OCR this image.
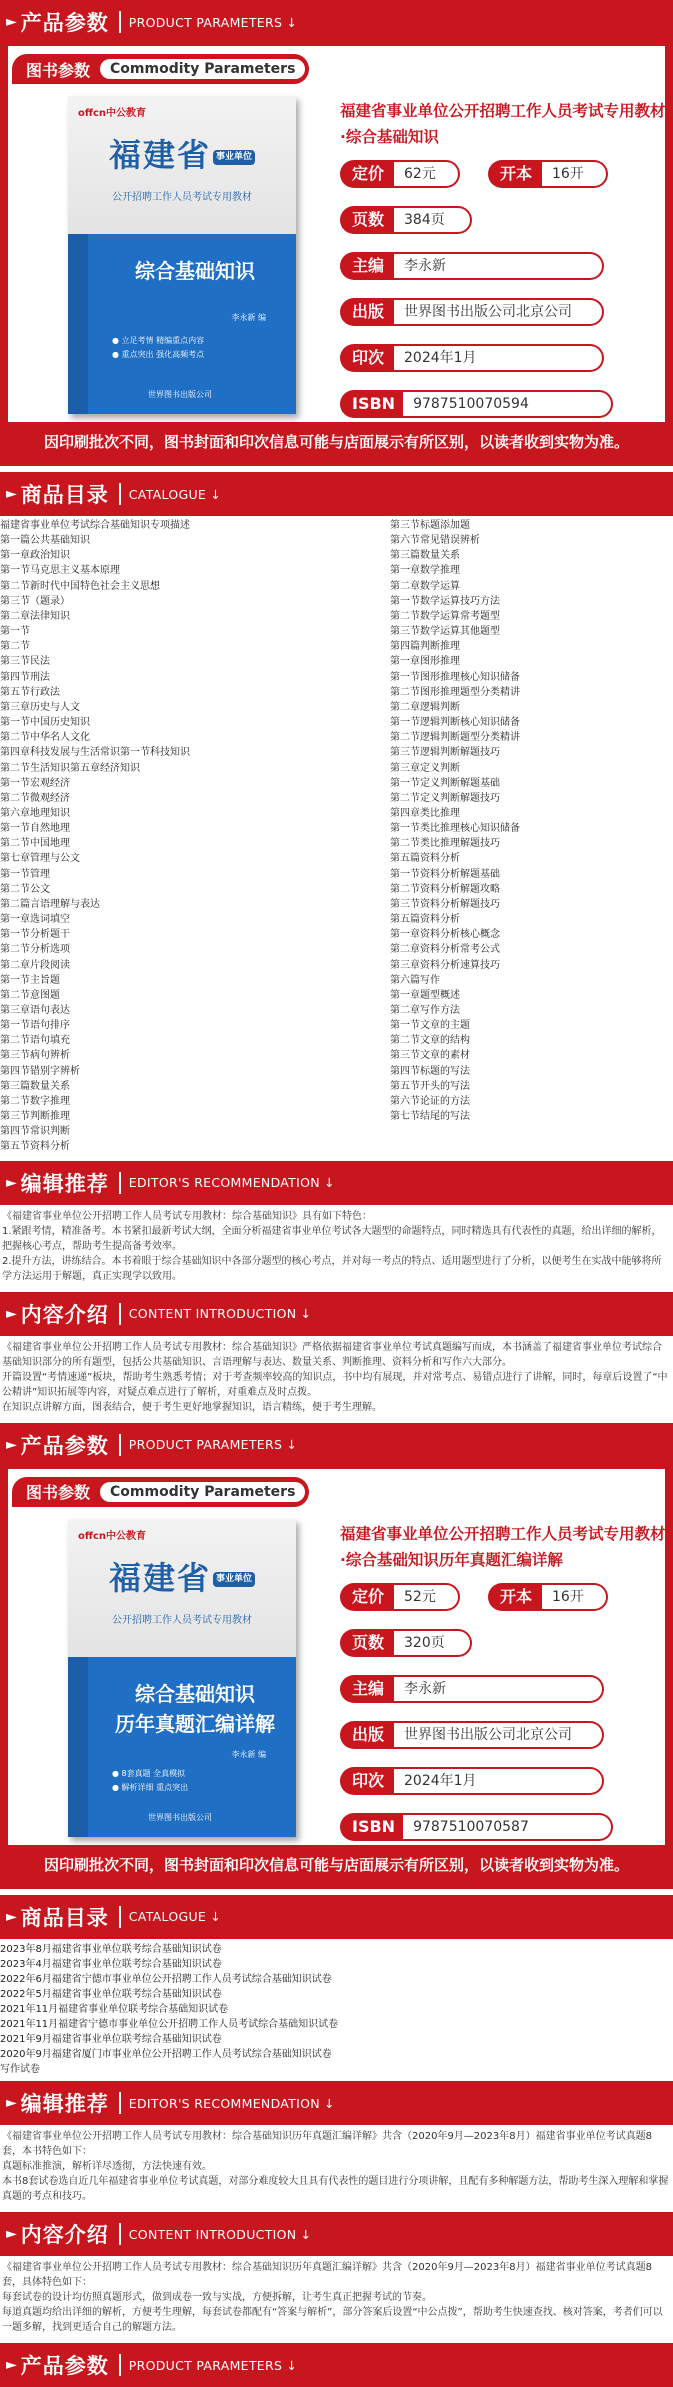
► 产品参数 PRODUCT PARAMETERS ↓
图书参数	Commodity Parameters
offcn中公教育
福建省 事业单位
公开招聘工作人员考试专用教材
综合基础知识
李永新 编
● 立足考情 精编重点内容
● 重点突出 强化高频考点
世界图书出版公司
福建省事业单位公开招聘工作人员考试专用教材·综合基础知识
定价	62元	开本	16开
页数	384页
主编	李永新
出版	世界图书出版公司北京公司
印次	2024年1月
ISBN	9787510070594
因印刷批次不同，图书封面和印次信息可能与店面展示有所区别，以读者收到实物为准。
► 商品目录 CATALOGUE ↓
福建省事业单位考试综合基础知识专项描述
第一篇公共基础知识
第一章政治知识
第一节马克思主义基本原理
第二节新时代中国特色社会主义思想
第三节（题录）
第二章法律知识
第一节
第二节
第三节民法
第四节刑法
第五节行政法
第三章历史与人文
第一节中国历史知识
第二节中华名人文化
第四章科技发展与生活常识第一节科技知识
第二节生活知识第五章经济知识
第一节宏观经济
第二节微观经济
第六章地理知识
第一节自然地理
第二节中国地理
第七章管理与公文
第一节管理
第二节公文
第二篇言语理解与表达
第一章选词填空
第一节分析题干
第二节分析选项
第二章片段阅读
第一节主旨题
第二节意图题
第三章语句表达
第一节语句排序
第二节语句填充
第三节病句辨析
第四节错别字辨析
第三篇数量关系
第二节数字推理
第三节判断推理
第四节常识判断
第五节资料分析
第三节标题添加题
第六节常见错误辨析
第三篇数量关系
第一章数学推理
第二章数学运算
第一节数学运算技巧方法
第二节数学运算常考题型
第三节数学运算其他题型
第四篇判断推理
第一章图形推理
第一节图形推理核心知识储备
第二节图形推理题型分类精讲
第二章逻辑判断
第一节逻辑判断核心知识储备
第二节逻辑判断题型分类精讲
第三节逻辑判断解题技巧
第三章定义判断
第一节定义判断解题基础
第二节定义判断解题技巧
第四章类比推理
第一节类比推理核心知识储备
第二节类比推理解题技巧
第五篇资料分析
第一节资料分析解题基础
第二节资料分析解题攻略
第三节资料分析解题技巧
第五篇资料分析
第一章资料分析核心概念
第二章资料分析常考公式
第三章资料分析速算技巧
第六篇写作
第一章题型概述
第二章写作方法
第一节文章的主题
第二节文章的结构
第三节文章的素材
第四节标题的写法
第五节开头的写法
第六节论证的方法
第七节结尾的写法
► 编辑推荐 EDITOR'S RECOMMENDATION ↓

《福建省事业单位公开招聘工作人员考试专用教材：综合基础知识》具有如下特色：

1.紧跟考情，精准备考。本书紧扣最新考试大纲，全面分析福建省事业单位考试各大题型的命题特点，同时精选具有代表性的真题，给出详细的解析，把握核心考点，帮助考生提高备考效率。

2.提升方法，讲练结合。本书着眼于综合基础知识中各部分题型的核心考点，并对每一考点的特点、适用题型进行了分析，以便考生在实战中能够将所学方法运用于解题，真正实现学以致用。

► 内容介绍 CONTENT INTRODUCTION ↓

《福建省事业单位公开招聘工作人员考试专用教材：综合基础知识》严格依据福建省事业单位考试真题编写而成，本书涵盖了福建省事业单位考试综合基础知识部分的所有题型，包括公共基础知识、言语理解与表达、数量关系、判断推理、资料分析和写作六大部分。

开篇设置“考情速递”板块，帮助考生熟悉考情；对于考查频率较高的知识点，书中均有展现，并对常考点、易错点进行了讲解，同时，每章后设置了“中公精讲”知识拓展等内容，对疑点难点进行了解析，对重难点及时点拨。

在知识点讲解方面，图表结合，便于考生更好地掌握知识，语言精练，便于考生理解。

► 产品参数 PRODUCT PARAMETERS ↓
图书参数	Commodity Parameters
offcn中公教育
福建省 事业单位
公开招聘工作人员考试专用教材
综合基础知识
历年真题汇编详解
李永新 编
● 8套真题 全真模拟
● 解析详细 重点突出
世界图书出版公司
福建省事业单位公开招聘工作人员考试专用教材·综合基础知识历年真题汇编详解
定价	52元	开本	16开
页数	320页
主编	李永新
出版	世界图书出版公司北京公司
印次	2024年1月
ISBN	9787510070587
因印刷批次不同，图书封面和印次信息可能与店面展示有所区别，以读者收到实物为准。
► 商品目录 CATALOGUE ↓
2023年8月福建省事业单位联考综合基础知识试卷
2023年4月福建省事业单位联考综合基础知识试卷
2022年6月福建省宁德市事业单位公开招聘工作人员考试综合基础知识试卷
2022年5月福建省事业单位联考综合基础知识试卷
2021年11月福建省事业单位联考综合基础知识试卷
2021年11月福建省宁德市事业单位公开招聘工作人员考试综合基础知识试卷
2021年9月福建省事业单位联考综合基础知识试卷
2020年9月福建省厦门市事业单位公开招聘工作人员考试综合基础知识试卷
写作试卷
► 编辑推荐 EDITOR'S RECOMMENDATION ↓

《福建省事业单位公开招聘工作人员考试专用教材：综合基础知识历年真题汇编详解》共含（2020年9月—2023年8月）福建省事业单位考试真题8套，本书特色如下：

真题标准推演，解析详尽透彻，方法快速有效。

本书8套试卷选自近几年福建省事业单位考试真题，对部分难度较大且具有代表性的题目进行分项讲解，且配有多种解题方法，帮助考生深入理解和掌握真题的考点和技巧。

► 内容介绍 CONTENT INTRODUCTION ↓

《福建省事业单位公开招聘工作人员考试专用教材：综合基础知识历年真题汇编详解》共含（2020年9月—2023年8月）福建省事业单位考试真题8套，具体特色如下：

每套试卷的设计均仿照真题形式，做到成卷一致与实战，方便拆解，让考生真正把握考试的节奏。

每道真题均给出详细的解析，方便考生理解，每套试卷都配有“答案与解析”，部分答案后设置“中公点拨”，帮助考生快速查找、核对答案，考者们可以一题多解，找到更适合自己的解题方法。

► 产品参数 PRODUCT PARAMETERS ↓
